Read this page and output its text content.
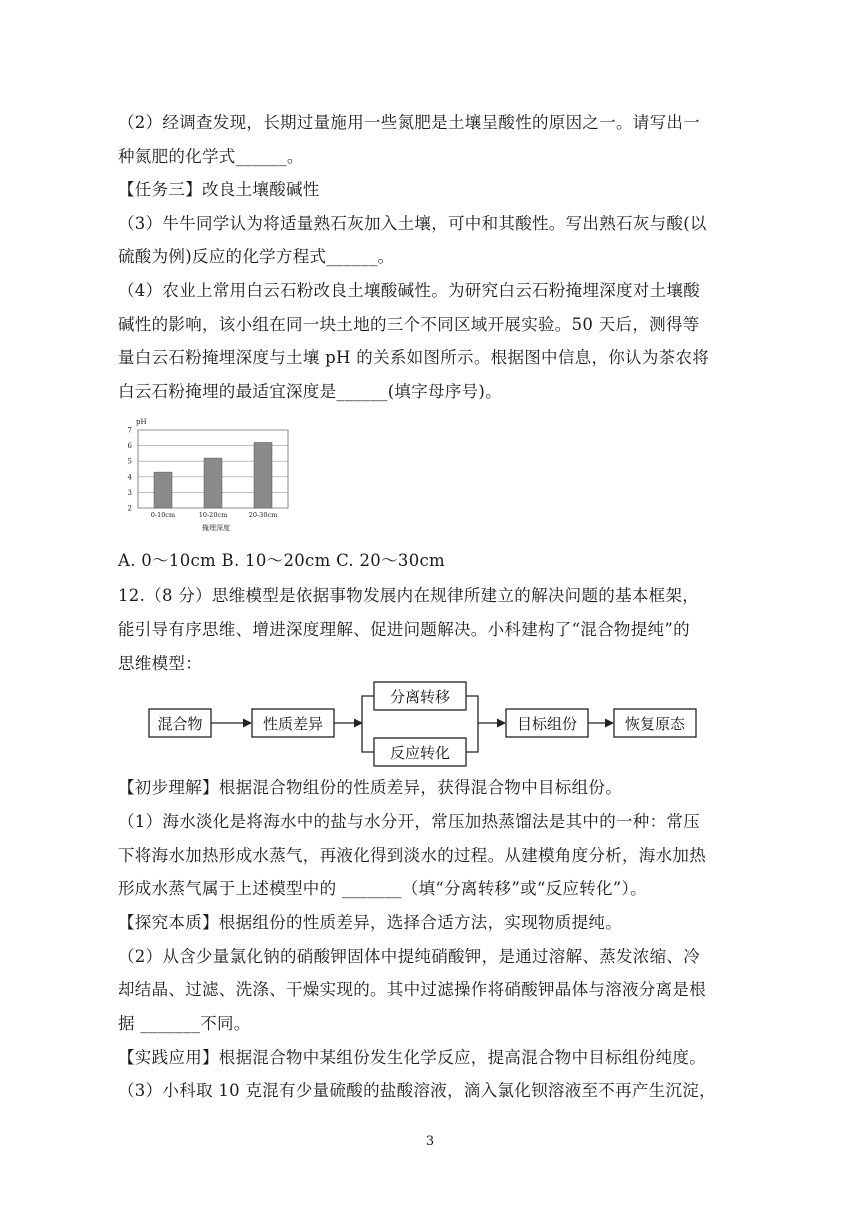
（2）经调查发现，长期过量施用一些氮肥是土壤呈酸性的原因之一。请写出一
种氮肥的化学式______。
【任务三】改良土壤酸碱性
（3）牛牛同学认为将适量熟石灰加入土壤，可中和其酸性。写出熟石灰与酸(以
硫酸为例)反应的化学方程式______。
（4）农业上常用白云石粉改良土壤酸碱性。为研究白云石粉掩埋深度对土壤酸
碱性的影响，该小组在同一块土地的三个不同区域开展实验。50 天后，测得等
量白云石粉掩埋深度与土壤 pH 的关系如图所示。根据图中信息，你认为茶农将
白云石粉掩埋的最适宜深度是______(填字母序号)。
2
3
4
5
6
7
0-10cm	10-20cm	20-30cm
pH
掩埋深度
A. 0～10cm B. 10～20cm C. 20～30cm
12.（8 分）思维模型是依据事物发展内在规律所建立的解决问题的基本框架，
能引导有序思维、增进深度理解、促进问题解决。小科建构了“混合物提纯”的
思维模型：
混合物	性质差异
分离转移
反应转化
目标组份	恢复原态
【初步理解】根据混合物组份的性质差异，获得混合物中目标组份。
（1）海水淡化是将海水中的盐与水分开，常压加热蒸馏法是其中的一种：常压
下将海水加热形成水蒸气，再液化得到淡水的过程。从建模角度分析，海水加热
形成水蒸气属于上述模型中的 _______（填“分离转移”或“反应转化”）。
【探究本质】根据组份的性质差异，选择合适方法，实现物质提纯。
（2）从含少量氯化钠的硝酸钾固体中提纯硝酸钾，是通过溶解、蒸发浓缩、冷
却结晶、过滤、洗涤、干燥实现的。其中过滤操作将硝酸钾晶体与溶液分离是根
据 _______不同。
【实践应用】根据混合物中某组份发生化学反应，提高混合物中目标组份纯度。
（3）小科取 10 克混有少量硫酸的盐酸溶液，滴入氯化钡溶液至不再产生沉淀，
3
